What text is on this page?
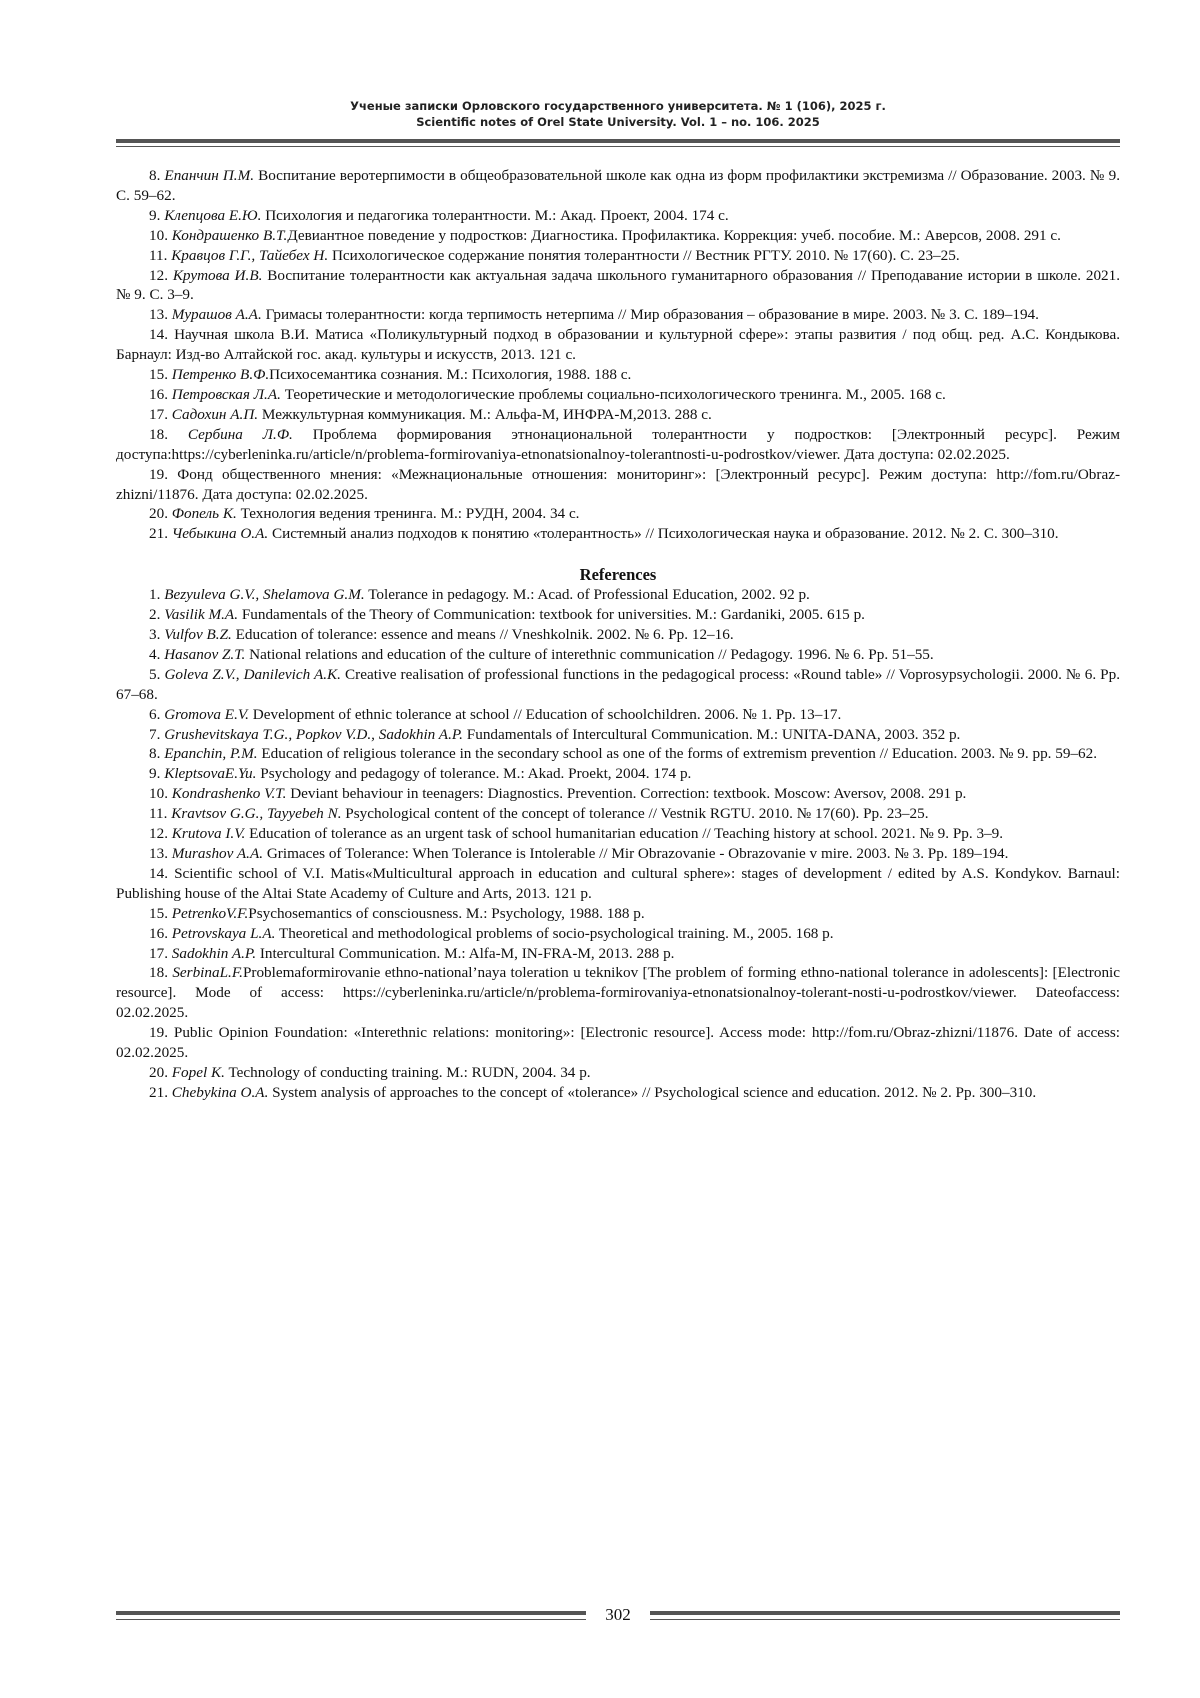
Ученые записки Орловского государственного университета. № 1 (106), 2025 г.
Scientific notes of Orel State University. Vol. 1 – no. 106. 2025

8. Епанчин П.М. Воспитание веротерпимости в общеобразовательной школе как одна из форм профилактики экстремизма // Образование. 2003. № 9. С. 59–62.

9. Клепцова Е.Ю. Психология и педагогика толерантности. М.: Акад. Проект, 2004. 174 с.

10. Кондрашенко В.Т.Девиантное поведение у подростков: Диагностика. Профилактика. Коррекция: учеб. пособие. М.: Аверсов, 2008. 291 с.

11. Кравцов Г.Г., Тайебех Н. Психологическое содержание понятия толерантности // Вестник РГТУ. 2010. № 17(60). С. 23–25.

12. Крутова И.В. Воспитание толерантности как актуальная задача школьного гуманитарного образования // Преподавание истории в школе. 2021. № 9. С. 3–9.

13. Мурашов А.А. Гримасы толерантности: когда терпимость нетерпима // Мир образования – образование в мире. 2003. № 3. С. 189–194.

14. Научная школа В.И. Матиса «Поликультурный подход в образовании и культурной сфере»: этапы развития / под общ. ред. А.С. Кондыкова. Барнаул: Изд-во Алтайской гос. акад. культуры и искусств, 2013. 121 с.

15. Петренко В.Ф.Психосемантика сознания. М.: Психология, 1988. 188 с.

16. Петровская Л.А. Теоретические и методологические проблемы социально-психологического тренинга. М., 2005. 168 с.

17. Садохин А.П. Межкультурная коммуникация. М.: Альфа-М, ИНФРА-М,2013. 288 с.

18. Сербина Л.Ф. Проблема формирования этнонациональной толерантности у подростков: [Электронный ресурс]. Режим доступа:https://cyberleninka.ru/article/n/problema-formirovaniya-etnonatsionalnoy-tolerantnosti-u-podrostkov/viewer. Дата доступа: 02.02.2025.

19. Фонд общественного мнения: «Межнациональные отношения: мониторинг»: [Электронный ресурс]. Режим доступа: http://fom.ru/Obraz-zhizni/11876. Дата доступа: 02.02.2025.

20. Фопель К. Технология ведения тренинга. М.: РУДН, 2004. 34 с.

21. Чебыкина О.А. Системный анализ подходов к понятию «толерантность» // Психологическая наука и образование. 2012. № 2. С. 300–310.

References

1. Bezyuleva G.V., Shelamova G.M. Tolerance in pedagogy. M.: Acad. of Professional Education, 2002. 92 p.

2. Vasilik M.A. Fundamentals of the Theory of Communication: textbook for universities. M.: Gardaniki, 2005. 615 p.

3. Vulfov B.Z. Education of tolerance: essence and means // Vneshkolnik. 2002. № 6. Pp. 12–16.

4. Hasanov Z.T. National relations and education of the culture of interethnic communication // Pedagogy. 1996. № 6. Pp. 51–55.

5. Goleva Z.V., Danilevich A.K. Creative realisation of professional functions in the pedagogical process: «Round table» // Voprosypsychologii. 2000. № 6. Pp. 67–68.

6. Gromova E.V. Development of ethnic tolerance at school // Education of schoolchildren. 2006. № 1. Pp. 13–17.

7. Grushevitskaya T.G., Popkov V.D., Sadokhin A.P. Fundamentals of Intercultural Communication. M.: UNITA-DANA, 2003. 352 p.

8. Epanchin, P.M. Education of religious tolerance in the secondary school as one of the forms of extremism prevention // Education. 2003. № 9. pp. 59–62.

9. KleptsovaE.Yu. Psychology and pedagogy of tolerance. M.: Akad. Proekt, 2004. 174 p.

10. Kondrashenko V.T. Deviant behaviour in teenagers: Diagnostics. Prevention. Correction: textbook. Moscow: Aversov, 2008. 291 p.

11. Kravtsov G.G., Tayyebeh N. Psychological content of the concept of tolerance // Vestnik RGTU. 2010. № 17(60). Pp. 23–25.

12. Krutova I.V. Education of tolerance as an urgent task of school humanitarian education // Teaching history at school. 2021. № 9. Pp. 3–9.

13. Murashov A.A. Grimaces of Tolerance: When Tolerance is Intolerable // Mir Obrazovanie - Obrazovanie v mire. 2003. № 3. Pp. 189–194.

14. Scientific school of V.I. Matis«Multicultural approach in education and cultural sphere»: stages of development / edited by A.S. Kondykov. Barnaul: Publishing house of the Altai State Academy of Culture and Arts, 2013. 121 p.

15. PetrenkoV.F.Psychosemantics of consciousness. M.: Psychology, 1988. 188 p.

16. Petrovskaya L.A. Theoretical and methodological problems of socio-psychological training. M., 2005. 168 p.

17. Sadokhin A.P. Intercultural Communication. M.: Alfa-M, IN-FRA-M, 2013. 288 p.

18. SerbinaL.F.Problemaformirovanie ethno-national’naya toleration u teknikov [The problem of forming ethno-national tolerance in adolescents]: [Electronic resource]. Mode of access: https://cyberleninka.ru/article/n/problema-formirovaniya-etnonatsionalnoy-tolerant-nosti-u-podrostkov/viewer. Dateofaccess: 02.02.2025.

19. Public Opinion Foundation: «Interethnic relations: monitoring»: [Electronic resource]. Access mode: http://fom.ru/Obraz-zhizni/11876. Date of access: 02.02.2025.

20. Fopel K. Technology of conducting training. M.: RUDN, 2004. 34 p.

21. Chebykina O.A. System analysis of approaches to the concept of «tolerance» // Psychological science and education. 2012. № 2. Pp. 300–310.

302
